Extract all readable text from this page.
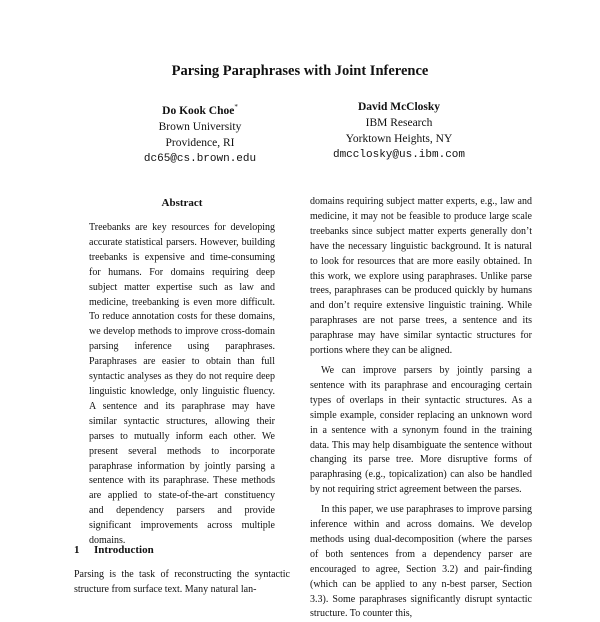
Parsing Paraphrases with Joint Inference
Do Kook Choe*
Brown University
Providence, RI
dc65@cs.brown.edu
David McClosky
IBM Research
Yorktown Heights, NY
dmcclosky@us.ibm.com
Abstract
Treebanks are key resources for developing accurate statistical parsers. However, building treebanks is expensive and time-consuming for humans. For domains requiring deep subject matter expertise such as law and medicine, treebanking is even more difficult. To reduce annotation costs for these domains, we develop methods to improve cross-domain parsing inference using paraphrases. Paraphrases are easier to obtain than full syntactic analyses as they do not require deep linguistic knowledge, only linguistic fluency. A sentence and its paraphrase may have similar syntactic structures, allowing their parses to mutually inform each other. We present several methods to incorporate paraphrase information by jointly parsing a sentence with its paraphrase. These methods are applied to state-of-the-art constituency and dependency parsers and provide significant improvements across multiple domains.
1 Introduction
Parsing is the task of reconstructing the syntactic structure from surface text. Many natural lan-

domains requiring subject matter experts, e.g., law and medicine, it may not be feasible to produce large scale treebanks since subject matter experts generally don’t have the necessary linguistic background. It is natural to look for resources that are more easily obtained. In this work, we explore using paraphrases. Unlike parse trees, paraphrases can be produced quickly by humans and don’t require extensive linguistic training. While paraphrases are not parse trees, a sentence and its paraphrase may have similar syntactic structures for portions where they can be aligned.

We can improve parsers by jointly parsing a sentence with its paraphrase and encouraging certain types of overlaps in their syntactic structures. As a simple example, consider replacing an unknown word in a sentence with a synonym found in the training data. This may help disambiguate the sentence without changing its parse tree. More disruptive forms of paraphrasing (e.g., topicalization) can also be handled by not requiring strict agreement between the parses.

In this paper, we use paraphrases to improve parsing inference within and across domains. We develop methods using dual-decomposition (where the parses of both sentences from a dependency parser are encouraged to agree, Section 3.2) and pair-finding (which can be applied to any n-best parser, Section 3.3). Some paraphrases significantly disrupt syntactic structure. To counter this,
